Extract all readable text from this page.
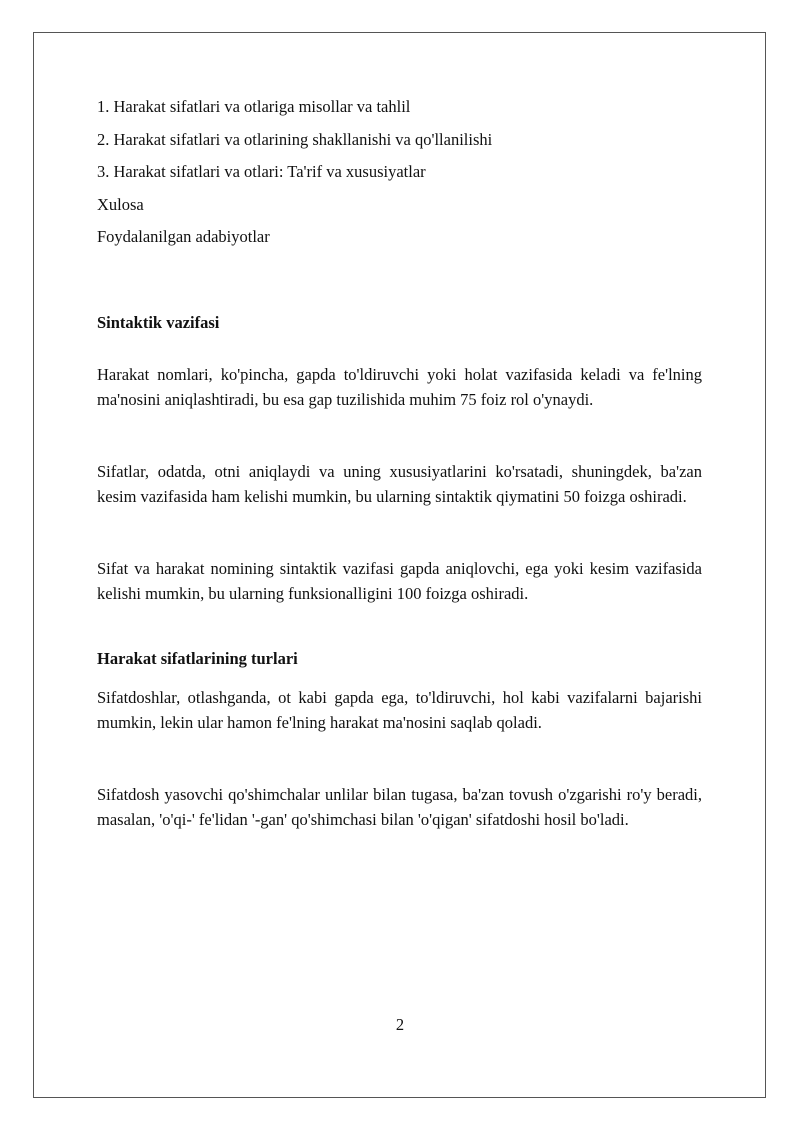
1. Harakat sifatlari va otlariga misollar va tahlil

2. Harakat sifatlari va otlarining shakllanishi va qo'llanilishi

3. Harakat sifatlari va otlari: Ta'rif va xususiyatlar

Xulosa

Foydalanilgan adabiyotlar

Sintaktik vazifasi

Harakat nomlari, ko'pincha, gapda to'ldiruvchi yoki holat vazifasida keladi va fe'lning ma'nosini aniqlashtiradi, bu esa gap tuzilishida muhim 75 foiz rol o'ynaydi.

Sifatlar, odatda, otni aniqlaydi va uning xususiyatlarini ko'rsatadi, shuningdek, ba'zan kesim vazifasida ham kelishi mumkin, bu ularning sintaktik qiymatini 50 foizga oshiradi.

Sifat va harakat nomining sintaktik vazifasi gapda aniqlovchi, ega yoki kesim vazifasida kelishi mumkin, bu ularning funksionalligini 100 foizga oshiradi.

Harakat sifatlarining turlari

Sifatdoshlar, otlashganda, ot kabi gapda ega, to'ldiruvchi, hol kabi vazifalarni bajarishi mumkin, lekin ular hamon fe'lning harakat ma'nosini saqlab qoladi.

Sifatdosh yasovchi qo'shimchalar unlilar bilan tugasa, ba'zan tovush o'zgarishi ro'y beradi, masalan, 'o'qi-' fe'lidan '-gan' qo'shimchasi bilan 'o'qigan' sifatdoshi hosil bo'ladi.

2
